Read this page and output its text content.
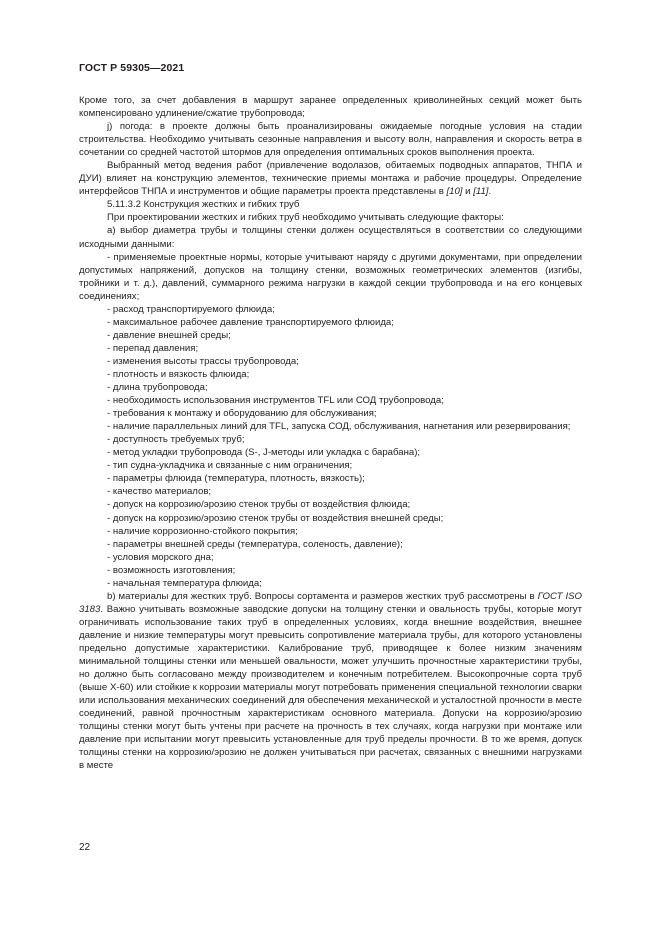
ГОСТ Р 59305—2021

Кроме того, за счет добавления в маршрут заранее определенных криволинейных секций может быть компенсировано удлинение/сжатие трубопровода;

j) погода: в проекте должны быть проанализированы ожидаемые погодные условия на стадии строительства. Необходимо учитывать сезонные направления и высоту волн, направления и скорость ветра в сочетании со средней частотой штормов для определения оптимальных сроков выполнения проекта.

Выбранный метод ведения работ (привлечение водолазов, обитаемых подводных аппаратов, ТНПА и ДУИ) влияет на конструкцию элементов, технические приемы монтажа и рабочие процедуры. Определение интерфейсов ТНПА и инструментов и общие параметры проекта представлены в [10] и [11].

5.11.3.2 Конструкция жестких и гибких труб

При проектировании жестких и гибких труб необходимо учитывать следующие факторы:

а) выбор диаметра трубы и толщины стенки должен осуществляться в соответствии со следующими исходными данными:

- применяемые проектные нормы, которые учитывают наряду с другими документами, при определении допустимых напряжений, допусков на толщину стенки, возможных геометрических элементов (изгибы, тройники и т. д.), давлений, суммарного режима нагрузки в каждой секции трубопровода и на его концевых соединениях;

- расход транспортируемого флюида;

- максимальное рабочее давление транспортируемого флюида;

- давление внешней среды;

- перепад давления;

- изменения высоты трассы трубопровода;

- плотность и вязкость флюида;

- длина трубопровода;

- необходимость использования инструментов TFL или СОД трубопровода;

- требования к монтажу и оборудованию для обслуживания;

- наличие параллельных линий для TFL, запуска СОД, обслуживания, нагнетания или резервирования;

- доступность требуемых труб;

- метод укладки трубопровода (S-, J-методы или укладка с барабана);

- тип судна-укладчика и связанные с ним ограничения;

- параметры флюида (температура, плотность, вязкость);

- качество материалов;

- допуск на коррозию/эрозию стенок трубы от воздействия флюида;

- допуск на коррозию/эрозию стенок трубы от воздействия внешней среды;

- наличие коррозионно-стойкого покрытия;

- параметры внешней среды (температура, соленость, давление);

- условия морского дна;

- возможность изготовления;

- начальная температура флюида;

b) материалы для жестких труб. Вопросы сортамента и размеров жестких труб рассмотрены в ГОСТ ISO 3183. Важно учитывать возможные заводские допуски на толщину стенки и овальность трубы, которые могут ограничивать использование таких труб в определенных условиях, когда внешние воздействия, внешнее давление и низкие температуры могут превысить сопротивление материала трубы, для которого установлены предельно допустимые характеристики. Калибрование труб, приводящее к более низким значениям минимальной толщины стенки или меньшей овальности, может улучшить прочностные характеристики трубы, но должно быть согласовано между производителем и конечным потребителем. Высокопрочные сорта труб (выше X-60) или стойкие к коррозии материалы могут потребовать применения специальной технологии сварки или использования механических соединений для обеспечения механической и усталостной прочности в месте соединений, равной прочностным характеристикам основного материала. Допуски на коррозию/эрозию толщины стенки могут быть учтены при расчете на прочность в тех случаях, когда нагрузки при монтаже или давление при испытании могут превысить установленные для труб пределы прочности. В то же время, допуск толщины стенки на коррозию/эрозию не должен учитываться при расчетах, связанных с внешними нагрузками в месте

22
